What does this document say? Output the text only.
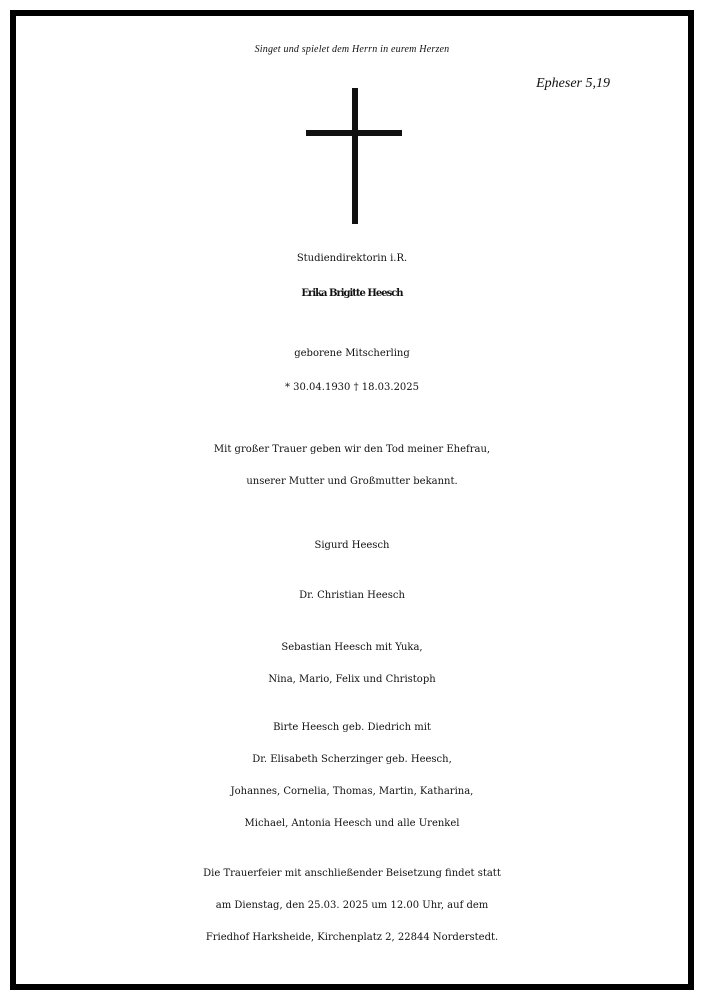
Singet und spielet dem Herrn in eurem Herzen
Epheser 5,19
Studiendirektorin i.R.
Erika Brigitte Heesch
geborene Mitscherling
* 30.04.1930 † 18.03.2025
Mit großer Trauer geben wir den Tod meiner Ehefrau,
unserer Mutter und Großmutter bekannt.
Sigurd Heesch
Dr. Christian Heesch
Sebastian Heesch mit Yuka,
Nina, Mario, Felix und Christoph
Birte Heesch geb. Diedrich mit
Dr. Elisabeth Scherzinger geb. Heesch,
Johannes, Cornelia, Thomas, Martin, Katharina,
Michael, Antonia Heesch und alle Urenkel
Die Trauerfeier mit anschließender Beisetzung findet statt
am Dienstag, den 25.03. 2025 um 12.00 Uhr, auf dem
Friedhof Harksheide, Kirchenplatz 2, 22844 Norderstedt.
